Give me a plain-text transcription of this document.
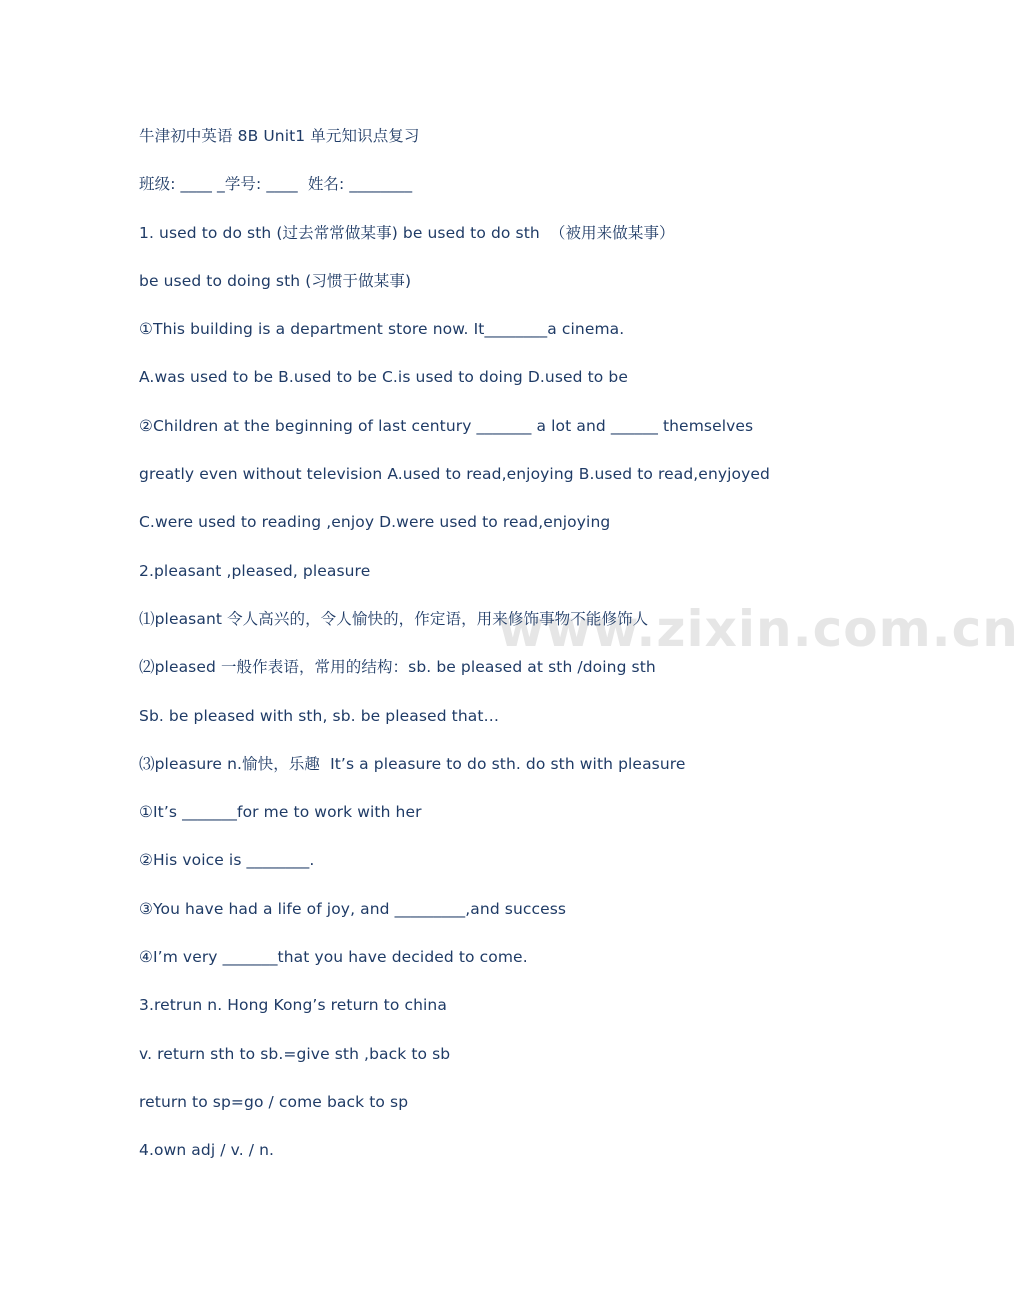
www.zixin.com.cn
牛津初中英语 8B Unit1 单元知识点复习
班级: ____ _学号: ____  姓名: ________
1. used to do sth (过去常常做某事) be used to do sth  （被用来做某事）
be used to doing sth (习惯于做某事)
①This building is a department store now. It________a cinema.
A.was used to be B.used to be C.is used to doing D.used to be
②Children at the beginning of last century _______ a lot and ______ themselves
greatly even without television A.used to read,enjoying B.used to read,enyjoyed
C.were used to reading ,enjoy D.were used to read,enjoying
2.pleasant ,pleased, pleasure
⑴pleasant 令人高兴的，令人愉快的，作定语，用来修饰事物不能修饰人
⑵pleased 一般作表语，常用的结构：sb. be pleased at sth /doing sth
Sb. be pleased with sth, sb. be pleased that…
⑶pleasure n.愉快，乐趣  It’s a pleasure to do sth. do sth with pleasure
①It’s _______for me to work with her
②His voice is ________.
③You have had a life of joy, and _________,and success
④I’m very _______that you have decided to come.
3.retrun n. Hong Kong’s return to china
v. return sth to sb.=give sth ,back to sb
return to sp=go / come back to sp
4.own adj / v. / n.
